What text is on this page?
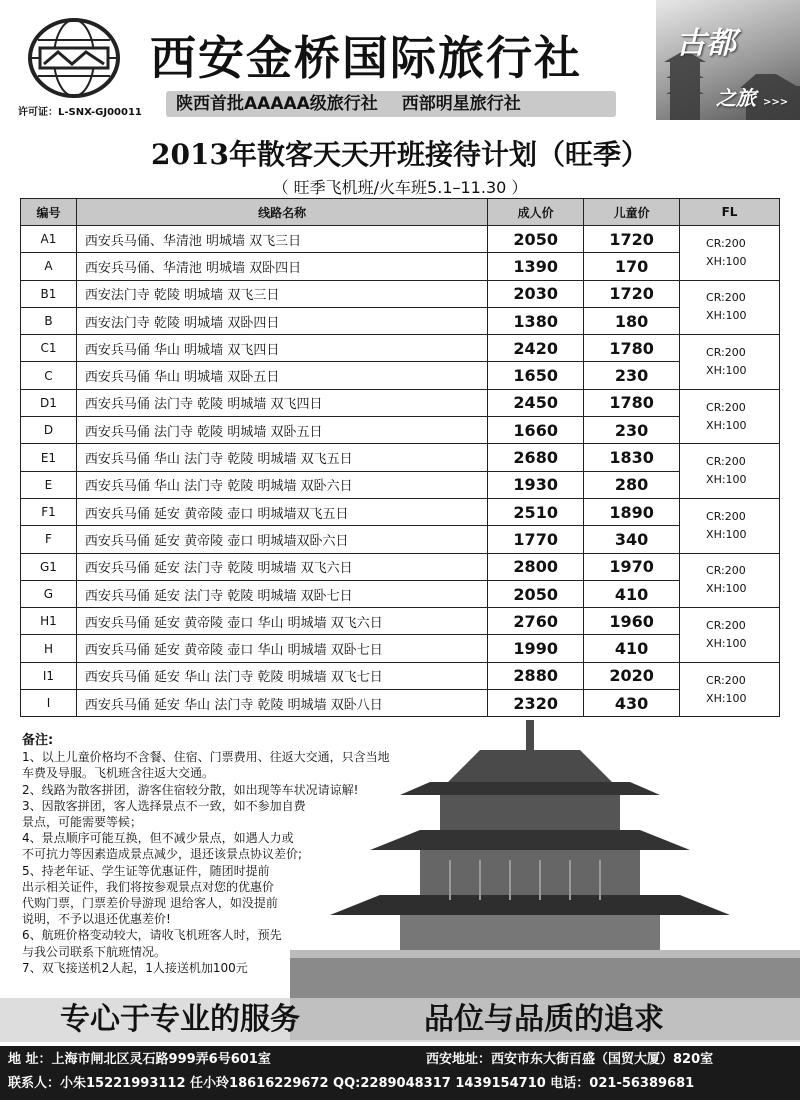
许可证：L-SNX-GJ00011
西安金桥国际旅行社
陕西首批AAAAA级旅行社 西部明星旅行社
古都
之旅 >>>
2013年散客天天开班接待计划（旺季）
（ 旺季飞机班/火车班5.1–11.30 ）
编号	线路名称	成人价	儿童价	FL
A1	西安兵马俑、华清池 明城墙 双飞三日	2050	1720	CR:200
XH:100

A	西安兵马俑、华清池 明城墙 双卧四日	1390	170	
B1	西安法门寺 乾陵 明城墙 双飞三日	2030	1720	CR:200
XH:100

B	西安法门寺 乾陵 明城墙 双卧四日	1380	180	
C1	西安兵马俑 华山 明城墙 双飞四日	2420	1780	CR:200
XH:100

C	西安兵马俑 华山 明城墙 双卧五日	1650	230	
D1	西安兵马俑 法门寺 乾陵 明城墙 双飞四日	2450	1780	CR:200
XH:100

D	西安兵马俑 法门寺 乾陵 明城墙 双卧五日	1660	230	
E1	西安兵马俑 华山 法门寺 乾陵 明城墙 双飞五日	2680	1830	CR:200
XH:100

E	西安兵马俑 华山 法门寺 乾陵 明城墙 双卧六日	1930	280	
F1	西安兵马俑 延安 黄帝陵 壶口 明城墙双飞五日	2510	1890	CR:200
XH:100

F	西安兵马俑 延安 黄帝陵 壶口 明城墙双卧六日	1770	340	
G1	西安兵马俑 延安 法门寺 乾陵 明城墙 双飞六日	2800	1970	CR:200
XH:100

G	西安兵马俑 延安 法门寺 乾陵 明城墙 双卧七日	2050	410	
H1	西安兵马俑 延安 黄帝陵 壶口 华山 明城墙 双飞六日	2760	1960	CR:200
XH:100

H	西安兵马俑 延安 黄帝陵 壶口 华山 明城墙 双卧七日	1990	410	
I1	西安兵马俑 延安 华山 法门寺 乾陵 明城墙 双飞七日	2880	2020	CR:200
XH:100

I	西安兵马俑 延安 华山 法门寺 乾陵 明城墙 双卧八日	2320	430	
备注:
1、以上儿童价格均不含餐、住宿、门票费用、往返大交通，只含当地
车费及导服。飞机班含往返大交通。
2、线路为散客拼团，游客住宿较分散，如出现等车状况请谅解!
3、因散客拼团，客人选择景点不一致，如不参加自费
景点，可能需要等候；
4、景点顺序可能互换，但不减少景点，如遇人力或
不可抗力等因素造成景点减少，退还该景点协议差价;
5、持老年证、学生证等优惠证件，随团时提前
出示相关证件，我们将按参观景点对您的优惠价
代购门票，门票差价导游现 退给客人，如没提前
说明，不予以退还优惠差价!
6、航班价格变动较大，请收飞机班客人时，预先
与我公司联系下航班情况。
7、双飞接送机2人起，1人接送机加100元
专心于专业的服务	品位与品质的追求
地 址：上海市闸北区灵石路999弄6号601室	西安地址：西安市东大街百盛（国贸大厦）820室
联系人：小朱15221993112 任小玲18616229672 QQ:2289048317 1439154710 电话：021-56389681
